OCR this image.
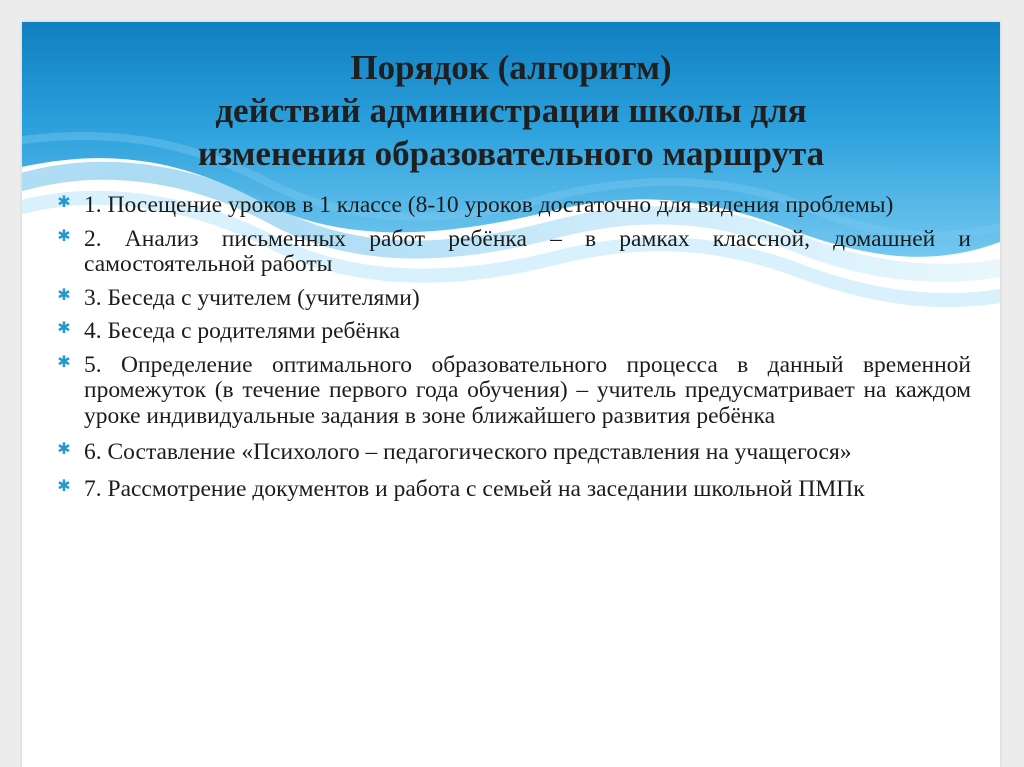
Порядок (алгоритм)
действий администрации школы для
изменения образовательного маршрута
✱ 1. Посещение уроков в 1 классе (8-10 уроков достаточно для видения проблемы)
✱ 2. Анализ письменных работ ребёнка – в рамках классной, домашней и самостоятельной работы
✱ 3. Беседа с учителем (учителями)
✱ 4. Беседа с родителями ребёнка
✱ 5. Определение оптимального образовательного процесса в данный временной промежуток (в течение первого года обучения) – учитель предусматривает на каждом уроке индивидуальные задания в зоне ближайшего развития ребёнка
✱ 6. Составление «Психолого – педагогического представления на учащегося»
✱ 7. Рассмотрение документов и работа с семьей на заседании школьной ПМПк
